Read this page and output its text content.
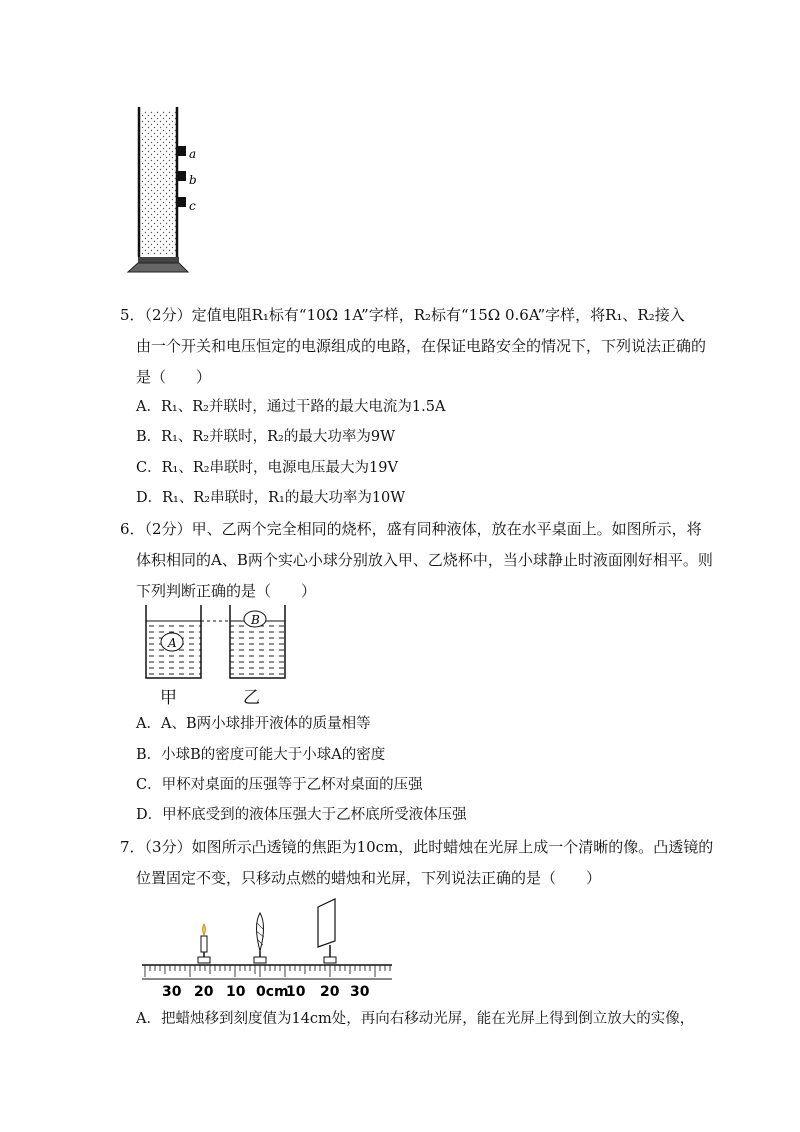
a
b
c
5．（2分）定值电阻R₁标有“10Ω 1A”字样，R₂标有“15Ω 0.6A”字样，将R₁、R₂接入
由一个开关和电压恒定的电源组成的电路，在保证电路安全的情况下，下列说法正确的
是（　　）
A．R₁、R₂并联时，通过干路的最大电流为1.5A
B．R₁、R₂并联时，R₂的最大功率为9W
C．R₁、R₂串联时，电源电压最大为19V
D．R₁、R₂串联时，R₁的最大功率为10W
6．（2分）甲、乙两个完全相同的烧杯，盛有同种液体，放在水平桌面上。如图所示，将
体积相同的A、B两个实心小球分别放入甲、乙烧杯中，当小球静止时液面刚好相平。则
下列判断正确的是（　　）
A
B
甲	乙
A．A、B两小球排开液体的质量相等
B．小球B的密度可能大于小球A的密度
C．甲杯对桌面的压强等于乙杯对桌面的压强
D．甲杯底受到的液体压强大于乙杯底所受液体压强
7．（3分）如图所示凸透镜的焦距为10cm，此时蜡烛在光屏上成一个清晰的像。凸透镜的
位置固定不变，只移动点燃的蜡烛和光屏，下列说法正确的是（　　）
30 20 10 0cm
10 20 30
A．把蜡烛移到刻度值为14cm处，再向右移动光屏，能在光屏上得到倒立放大的实像，
